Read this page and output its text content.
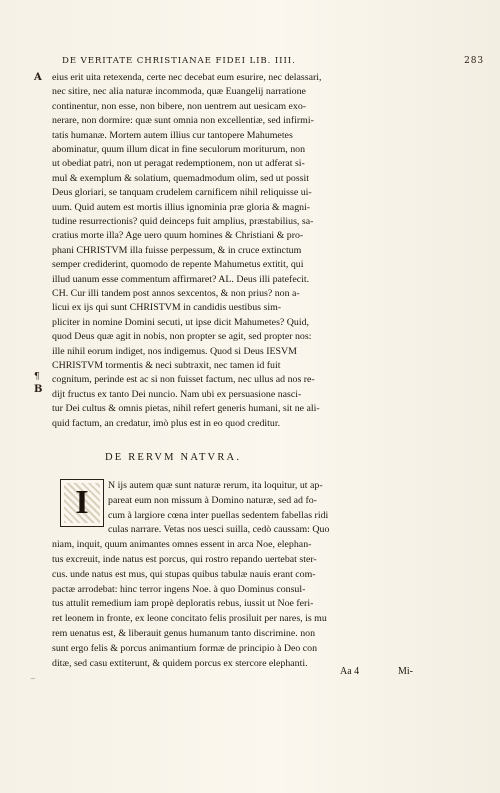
DE VERITATE CHRISTIANAE FIDEI LIB. IIII.	283
A
B
¶
eius erit uita retexenda, certe nec decebat eum esurire, nec delassari,
nec sitire, nec alia naturæ incommoda, quæ Euangelij narratione
continentur, non esse, non bibere, non uentrem aut uesicam exo-
nerare, non dormire: quæ sunt omnia non excellentiæ, sed infirmi-
tatis humanæ. Mortem autem illius cur tantopere Mahumetes
abominatur, quum illum dicat in fine seculorum moriturum, non
ut obediat patri, non ut peragat redemptionem, non ut adferat si-
mul & exemplum & solatium, quemadmodum olim, sed ut possit
Deus gloriari, se tanquam crudelem carnificem nihil reliquisse ui-
uum. Quid autem est mortis illius ignominia præ gloria & magni-
tudine resurrectionis? quid deinceps fuit amplius, præstabilius, sa-
cratius morte illa? Age uero quum homines & Christiani & pro-
phani CHRISTVM illa fuisse perpessum, & in cruce extinctum
semper crediderint, quomodo de repente Mahumetus extitit, qui
illud uanum esse commentum affirmaret? AL. Deus illi patefecit.
CH. Cur illi tandem post annos sexcentos, & non prius? non a-
licui ex ijs qui sunt CHRISTVM in candidis uestibus sim-
pliciter in nomine Domini secuti, ut ipse dicit Mahumetes? Quid,
quod Deus quæ agit in nobis, non propter se agit, sed propter nos:
ille nihil eorum indiget, nos indigemus. Quod si Deus IESVM
CHRISTVM tormentis & neci subtraxit, nec tamen id fuit
cognitum, perinde est ac si non fuisset factum, nec ullus ad nos re-
dijt fructus ex tanto Dei nuncio. Nam ubi ex persuasione nasci-
tur Dei cultus & omnis pietas, nihil refert generis humani, sit ne ali-
quid factum, an credatur, imò plus est in eo quod creditur.
DE RERVM NATVRA.
I N ijs autem quæ sunt naturæ rerum, ita loquitur, ut ap-
pareat eum non missum à Domino naturæ, sed ad fo-
cum à largiore cœna inter puellas sedentem fabellas ridi
culas narrare. Vetas nos uesci suilla, cedò caussam: Quo
niam, inquit, quum animantes omnes essent in arca Noe, elephan-
tus excreuit, inde natus est porcus, qui rostro repando uertebat ster-
cus. unde natus est mus, qui stupas quibus tabulæ nauis erant com-
pactæ arrodebat: hinc terror ingens Noe. à quo Dominus consul-
tus attulit remedium iam propè deploratis rebus, iussit ut Noe feri-
ret leonem in fronte, ex leone concitato felis prosiluit per nares, is mu
rem uenatus est, & liberauit genus humanum tanto discrimine. non
sunt ergo felis & porcus animantium formæ de principio à Deo con
ditæ, sed casu extiterunt, & quidem porcus ex stercore elephanti.
Aa 4	Mi-
~
